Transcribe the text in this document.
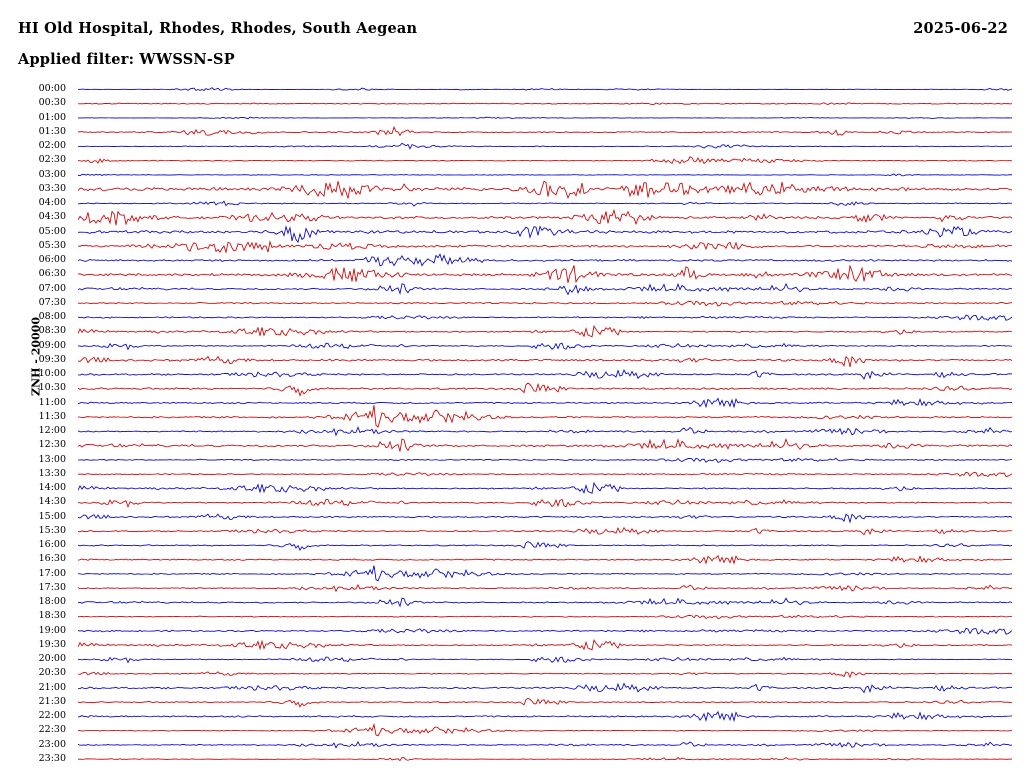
HI Old Hospital, Rhodes, Rhodes, South Aegean	2025-06-22
Applied filter: WWSSN-SP
ZNH - 20000
00:00
00:30
01:00
01:30
02:00
02:30
03:00
03:30
04:00
04:30
05:00
05:30
06:00
06:30
07:00
07:30
08:00
08:30
09:00
09:30
10:00
10:30
11:00
11:30
12:00
12:30
13:00
13:30
14:00
14:30
15:00
15:30
16:00
16:30
17:00
17:30
18:00
18:30
19:00
19:30
20:00
20:30
21:00
21:30
22:00
22:30
23:00
23:30
